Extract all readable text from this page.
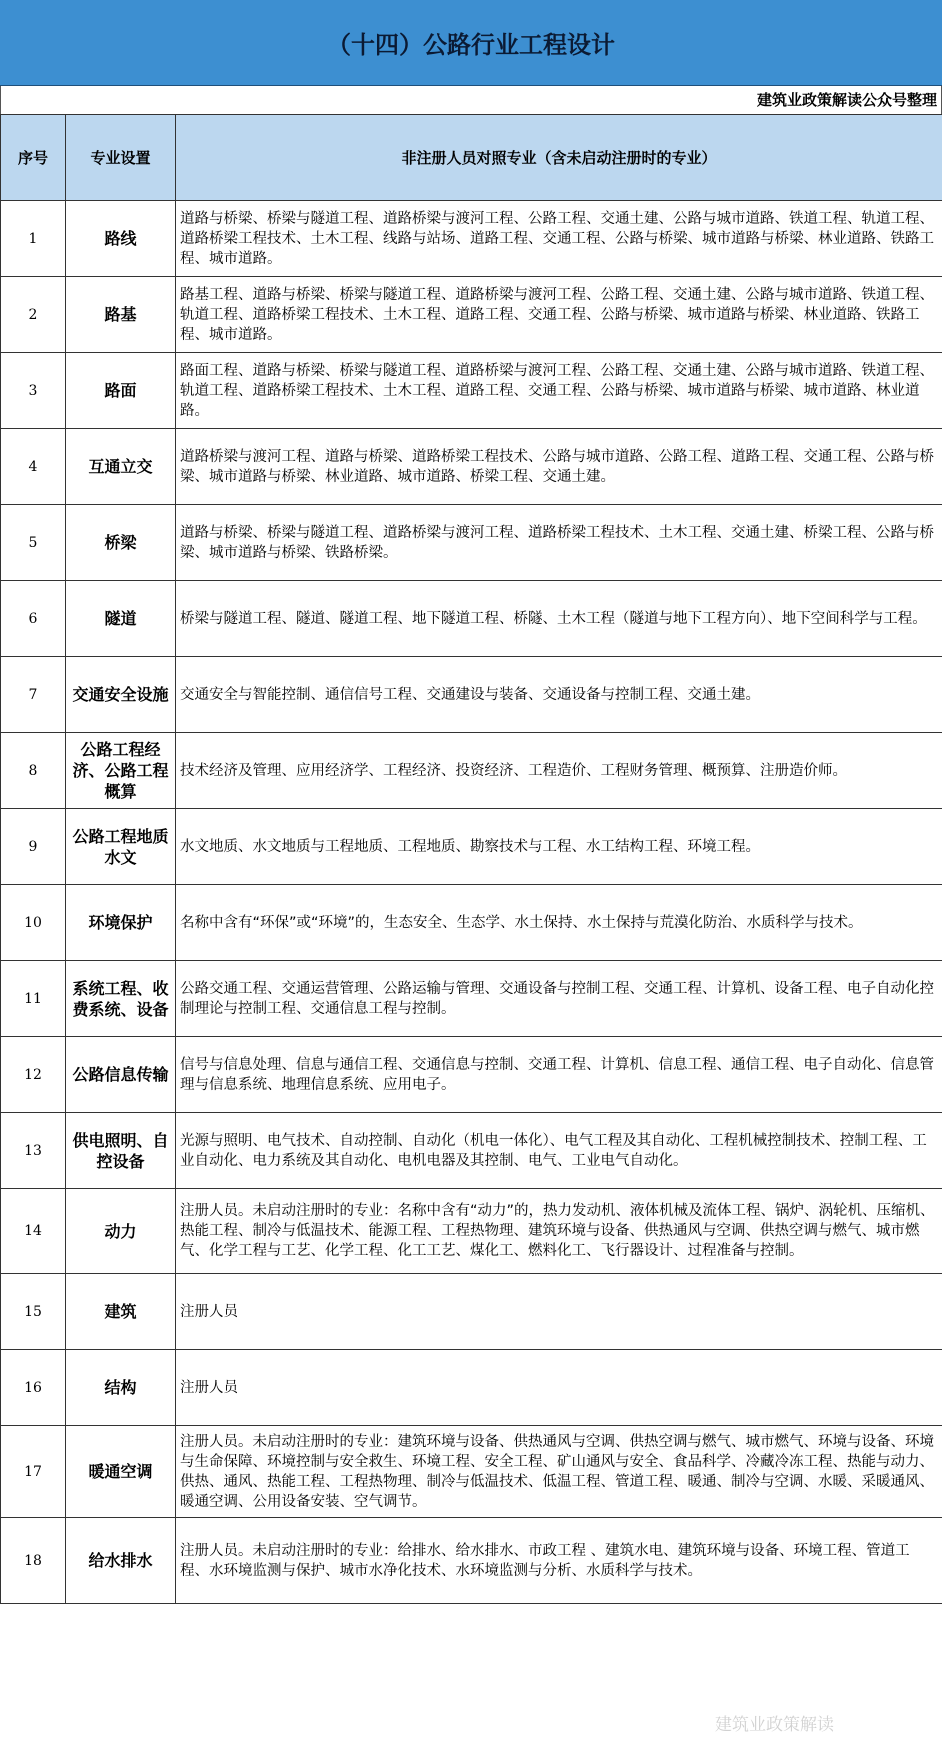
（十四）公路行业工程设计
建筑业政策解读公众号整理
序号	专业设置	非注册人员对照专业（含未启动注册时的专业）
1	路线	道路与桥梁、桥梁与隧道工程、道路桥梁与渡河工程、公路工程、交通土建、公路与城市道路、铁道工程、轨道工程、道路桥梁工程技术、土木工程、线路与站场、道路工程、交通工程、公路与桥梁、城市道路与桥梁、林业道路、铁路工程、城市道路。
2	路基	路基工程、道路与桥梁、桥梁与隧道工程、道路桥梁与渡河工程、公路工程、交通土建、公路与城市道路、铁道工程、轨道工程、道路桥梁工程技术、土木工程、道路工程、交通工程、公路与桥梁、城市道路与桥梁、林业道路、铁路工程、城市道路。
3	路面	路面工程、道路与桥梁、桥梁与隧道工程、道路桥梁与渡河工程、公路工程、交通土建、公路与城市道路、铁道工程、轨道工程、道路桥梁工程技术、土木工程、道路工程、交通工程、公路与桥梁、城市道路与桥梁、城市道路、林业道路。
4	互通立交	道路桥梁与渡河工程、道路与桥梁、道路桥梁工程技术、公路与城市道路、公路工程、道路工程、交通工程、公路与桥梁、城市道路与桥梁、林业道路、城市道路、桥梁工程、交通土建。
5	桥梁	道路与桥梁、桥梁与隧道工程、道路桥梁与渡河工程、道路桥梁工程技术、土木工程、交通土建、桥梁工程、公路与桥梁、城市道路与桥梁、铁路桥梁。
6	隧道	桥梁与隧道工程、隧道、隧道工程、地下隧道工程、桥隧、土木工程（隧道与地下工程方向）、地下空间科学与工程。
7	交通安全设施	交通安全与智能控制、通信信号工程、交通建设与装备、交通设备与控制工程、交通土建。
8	公路工程经济、公路工程概算	技术经济及管理、应用经济学、工程经济、投资经济、工程造价、工程财务管理、概预算、注册造价师。
9	公路工程地质水文	水文地质、水文地质与工程地质、工程地质、勘察技术与工程、水工结构工程、环境工程。
10	环境保护	名称中含有“环保”或“环境”的，生态安全、生态学、水土保持、水土保持与荒漠化防治、水质科学与技术。
11	系统工程、收费系统、设备	公路交通工程、交通运营管理、公路运输与管理、交通设备与控制工程、交通工程、计算机、设备工程、电子自动化控制理论与控制工程、交通信息工程与控制。
12	公路信息传输	信号与信息处理、信息与通信工程、交通信息与控制、交通工程、计算机、信息工程、通信工程、电子自动化、信息管理与信息系统、地理信息系统、应用电子。
13	供电照明、自控设备	光源与照明、电气技术、自动控制、自动化（机电一体化）、电气工程及其自动化、工程机械控制技术、控制工程、工业自动化、电力系统及其自动化、电机电器及其控制、电气、工业电气自动化。
14	动力	注册人员。未启动注册时的专业：名称中含有“动力”的，热力发动机、液体机械及流体工程、锅炉、涡轮机、压缩机、热能工程、制冷与低温技术、能源工程、工程热物理、建筑环境与设备、供热通风与空调、供热空调与燃气、城市燃气、化学工程与工艺、化学工程、化工工艺、煤化工、燃料化工、飞行器设计、过程准备与控制。
15	建筑	注册人员
16	结构	注册人员
17	暖通空调	注册人员。未启动注册时的专业：建筑环境与设备、供热通风与空调、供热空调与燃气、城市燃气、环境与设备、环境与生命保障、环境控制与安全救生、环境工程、安全工程、矿山通风与安全、食品科学、冷藏冷冻工程、热能与动力、供热、通风、热能工程、工程热物理、制冷与低温技术、低温工程、管道工程、暖通、制冷与空调、水暖、采暖通风、暖通空调、公用设备安装、空气调节。
18	给水排水	注册人员。未启动注册时的专业：给排水、给水排水、市政工程 、建筑水电、建筑环境与设备、环境工程、管道工程、水环境监测与保护、城市水净化技术、水环境监测与分析、水质科学与技术。
建筑业政策解读
